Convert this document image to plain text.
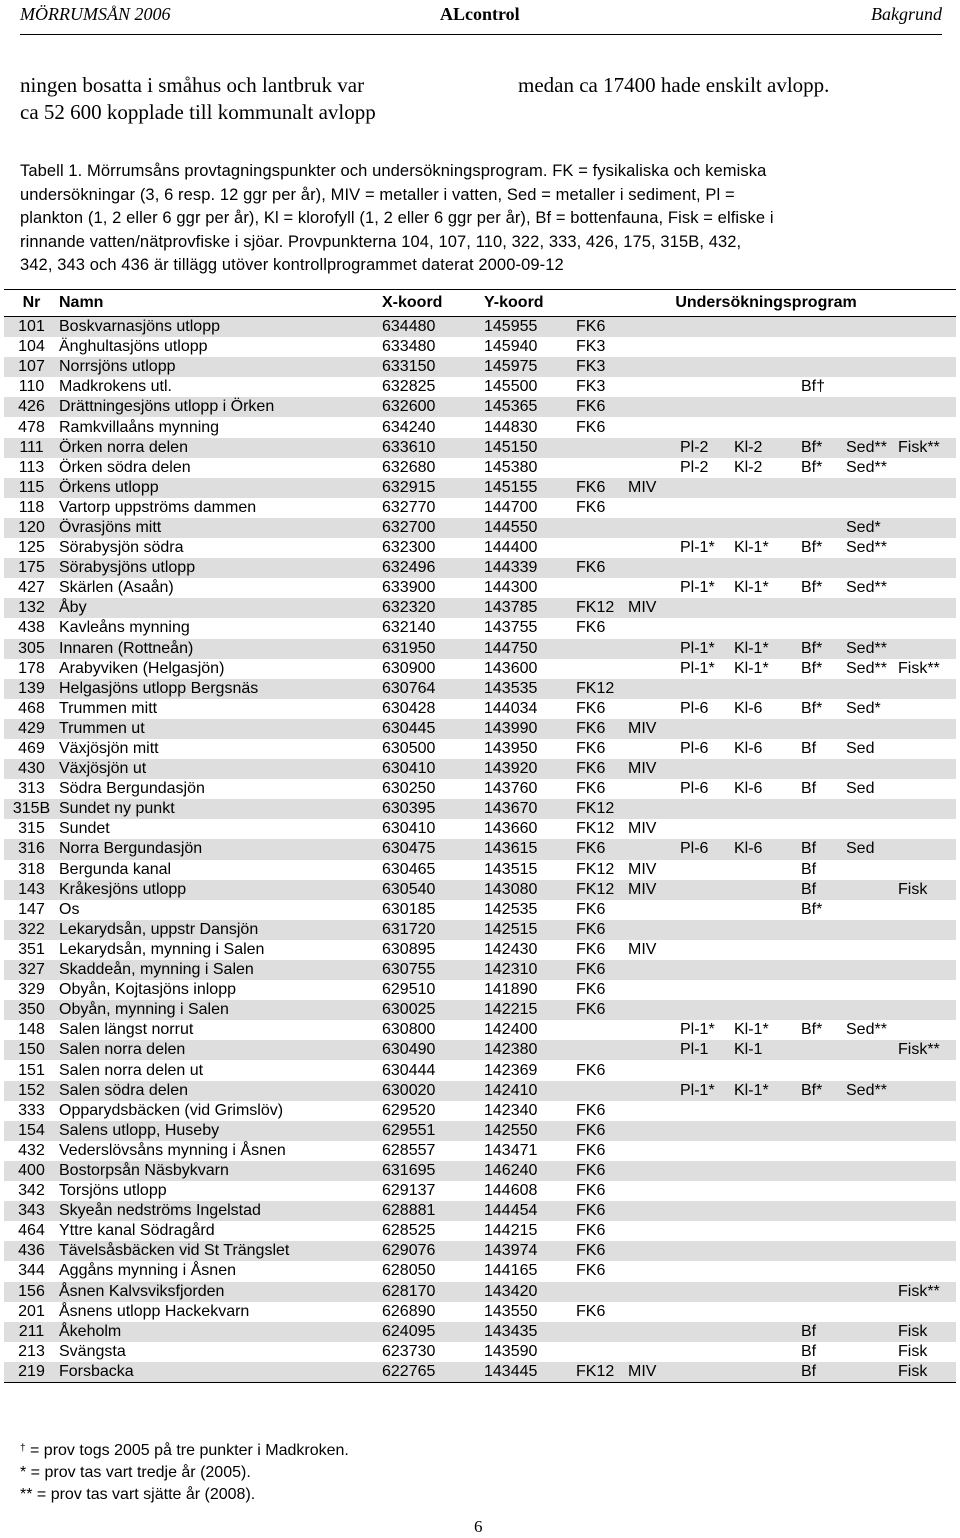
MÖRRUMSÅN 2006	ALcontrol	Bakgrund
ningen bosatta i småhus och lantbruk var
ca 52 600 kopplade till kommunalt avlopp
medan ca 17400 hade enskilt avlopp.
Tabell 1. Mörrumsåns provtagningspunkter och undersökningsprogram. FK = fysikaliska och kemiska
undersökningar (3, 6 resp. 12 ggr per år), MIV = metaller i vatten, Sed = metaller i sediment, Pl =
plankton (1, 2 eller 6 ggr per år), Kl = klorofyll (1, 2 eller 6 ggr per år), Bf = bottenfauna, Fisk = elfiske i
rinnande vatten/nätprovfiske i sjöar. Provpunkterna 104, 107, 110, 322, 333, 426, 175, 315B, 432,
342, 343 och 436 är tillägg utöver kontrollprogrammet daterat 2000-09-12
Nr	Namn	X-koord	Y-koord	Undersökningsprogram						
101	Boskvarnasjöns utlopp	634480	145955	FK6						
104	Änghultasjöns utlopp	633480	145940	FK3						
107	Norrsjöns utlopp	633150	145975	FK3						
110	Madkrokens utl.	632825	145500	FK3				Bf†		
426	Drättningesjöns utlopp i Örken	632600	145365	FK6						
478	Ramkvillaåns mynning	634240	144830	FK6						
111	Örken norra delen	633610	145150			Pl-2	Kl-2	Bf*	Sed**	Fisk**
113	Örken södra delen	632680	145380			Pl-2	Kl-2	Bf*	Sed**	
115	Örkens utlopp	632915	145155	FK6	MIV					
118	Vartorp uppströms dammen	632770	144700	FK6						
120	Övrasjöns mitt	632700	144550						Sed*	
125	Sörabysjön södra	632300	144400			Pl-1*	Kl-1*	Bf*	Sed**	
175	Sörabysjöns utlopp	632496	144339	FK6						
427	Skärlen (Asaån)	633900	144300			Pl-1*	Kl-1*	Bf*	Sed**	
132	Åby	632320	143785	FK12	MIV					
438	Kavleåns mynning	632140	143755	FK6						
305	Innaren (Rottneån)	631950	144750			Pl-1*	Kl-1*	Bf*	Sed**	
178	Arabyviken (Helgasjön)	630900	143600			Pl-1*	Kl-1*	Bf*	Sed**	Fisk**
139	Helgasjöns utlopp Bergsnäs	630764	143535	FK12						
468	Trummen mitt	630428	144034	FK6		Pl-6	Kl-6	Bf*	Sed*	
429	Trummen ut	630445	143990	FK6	MIV					
469	Växjösjön mitt	630500	143950	FK6		Pl-6	Kl-6	Bf	Sed	
430	Växjösjön ut	630410	143920	FK6	MIV					
313	Södra Bergundasjön	630250	143760	FK6		Pl-6	Kl-6	Bf	Sed	
315B	Sundet ny punkt	630395	143670	FK12						
315	Sundet	630410	143660	FK12	MIV					
316	Norra Bergundasjön	630475	143615	FK6		Pl-6	Kl-6	Bf	Sed	
318	Bergunda kanal	630465	143515	FK12	MIV			Bf		
143	Kråkesjöns utlopp	630540	143080	FK12	MIV			Bf		Fisk
147	Os	630185	142535	FK6				Bf*		
322	Lekarydsån, uppstr Dansjön	631720	142515	FK6						
351	Lekarydsån, mynning i Salen	630895	142430	FK6	MIV					
327	Skaddeån, mynning i Salen	630755	142310	FK6						
329	Obyån, Kojtasjöns inlopp	629510	141890	FK6						
350	Obyån, mynning i Salen	630025	142215	FK6						
148	Salen längst norrut	630800	142400			Pl-1*	Kl-1*	Bf*	Sed**	
150	Salen norra delen	630490	142380			Pl-1	Kl-1			Fisk**
151	Salen norra delen ut	630444	142369	FK6						
152	Salen södra delen	630020	142410			Pl-1*	Kl-1*	Bf*	Sed**	
333	Opparydsbäcken (vid Grimslöv)	629520	142340	FK6						
154	Salens utlopp, Huseby	629551	142550	FK6						
432	Vederslövsåns mynning i Åsnen	628557	143471	FK6						
400	Bostorpsån Näsbykvarn	631695	146240	FK6						
342	Torsjöns utlopp	629137	144608	FK6						
343	Skyeån nedströms Ingelstad	628881	144454	FK6						
464	Yttre kanal Södragård	628525	144215	FK6						
436	Tävelsåsbäcken vid St Trängslet	629076	143974	FK6						
344	Aggåns mynning i Åsnen	628050	144165	FK6						
156	Åsnen Kalvsviksfjorden	628170	143420							Fisk**
201	Åsnens utlopp Hackekvarn	626890	143550	FK6						
211	Åkeholm	624095	143435					Bf		Fisk
213	Svängsta	623730	143590					Bf		Fisk
219	Forsbacka	622765	143445	FK12	MIV			Bf		Fisk
† = prov togs 2005 på tre punkter i Madkroken.
* = prov tas vart tredje år (2005).
** = prov tas vart sjätte år (2008).
6
